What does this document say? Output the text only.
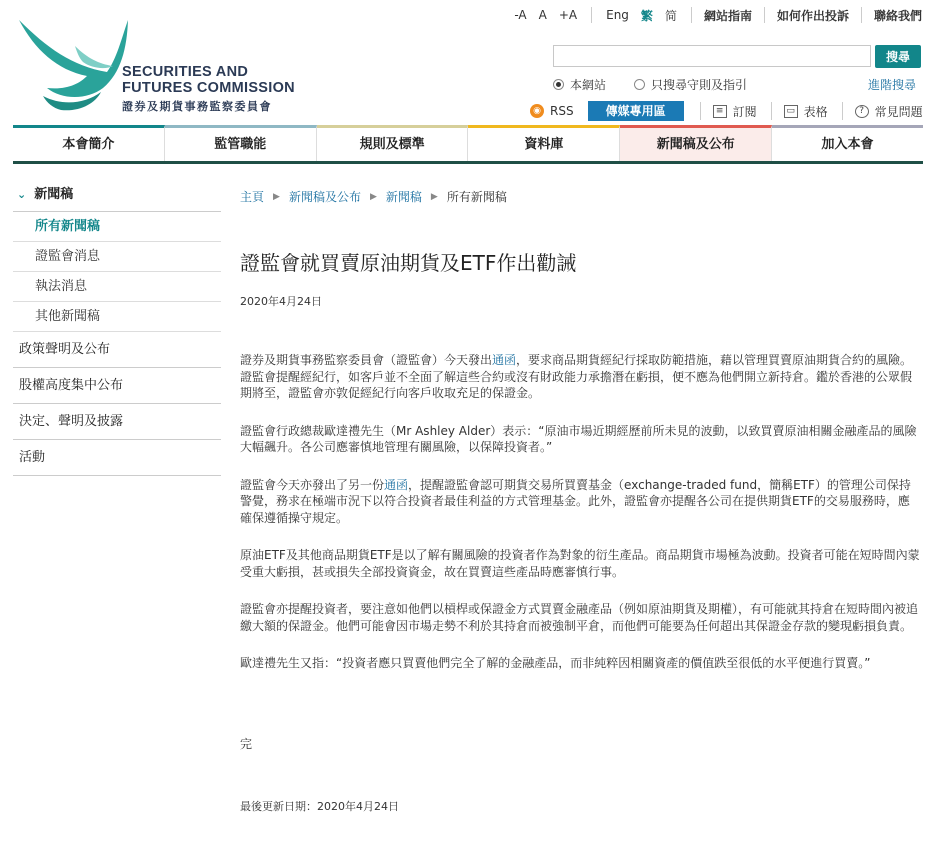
-A A +A Eng 繁 简 網站指南 如何作出投訴 聯絡我們
SECURITIES AND
FUTURES COMMISSION
證券及期貨事務監察委員會
搜尋
本網站	只搜尋守則及指引	進階搜尋
◉ RSS	傳媒專用區	≡ 訂閱	▭ 表格	? 常見問題
本會簡介	監管職能	規則及標準	資料庫	新聞稿及公布	加入本會
⌄ 新聞稿
所有新聞稿
證監會消息
執法消息
其他新聞稿
政策聲明及公布
股權高度集中公布
決定、聲明及披露
活動
主頁 ▶ 新聞稿及公布 ▶ 新聞稿 ▶ 所有新聞稿
證監會就買賣原油期貨及ETF作出勸誡
2020年4月24日

證券及期貨事務監察委員會（證監會）今天發出通函，要求商品期貨經紀行採取防範措施，藉以管理買賣原油期貨合約的風險。證監會提醒經紀行，如客戶並不全面了解這些合約或沒有財政能力承擔潛在虧損，便不應為他們開立新持倉。鑑於香港的公眾假期將至，證監會亦敦促經紀行向客戶收取充足的保證金。

證監會行政總裁歐達禮先生（Mr Ashley Alder）表示：“原油市場近期經歷前所未見的波動，以致買賣原油相關金融產品的風險大幅飆升。各公司應審慎地管理有關風險，以保障投資者。”

證監會今天亦發出了另一份通函，提醒證監會認可期貨交易所買賣基金（exchange-traded fund，簡稱ETF）的管理公司保持警覺，務求在極端市況下以符合投資者最佳利益的方式管理基金。此外，證監會亦提醒各公司在提供期貨ETF的交易服務時，應確保遵循操守規定。

原油ETF及其他商品期貨ETF是以了解有關風險的投資者作為對象的衍生產品。商品期貨市場極為波動。投資者可能在短時間內蒙受重大虧損，甚或損失全部投資資金，故在買賣這些產品時應審慎行事。

證監會亦提醒投資者，要注意如他們以槓桿或保證金方式買賣金融產品（例如原油期貨及期權），有可能就其持倉在短時間內被追繳大額的保證金。他們可能會因市場走勢不利於其持倉而被強制平倉，而他們可能要為任何超出其保證金存款的變現虧損負責。

歐達禮先生又指：“投資者應只買賣他們完全了解的金融產品，而非純粹因相關資產的價值跌至很低的水平便進行買賣。”

完
最後更新日期：2020年4月24日
